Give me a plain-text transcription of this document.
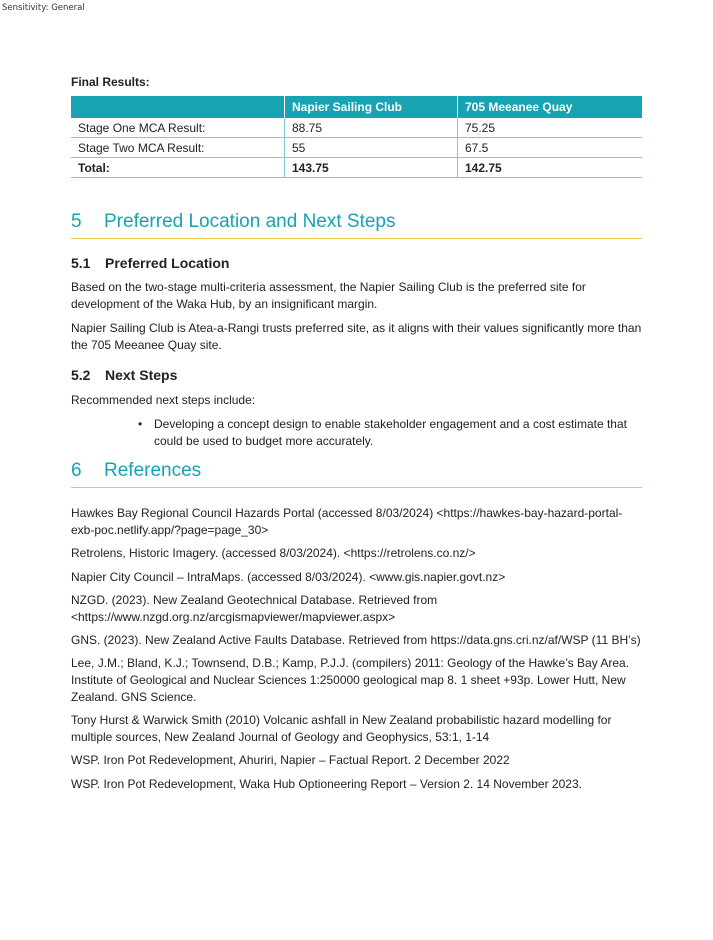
Sensitivity: General
Final Results:
	Napier Sailing Club	705 Meeanee Quay
Stage One MCA Result:	88.75	75.25
Stage Two MCA Result:	55	67.5
Total:	143.75	142.75
5 Preferred Location and Next Steps
5.1 Preferred Location
Based on the two-stage multi-criteria assessment, the Napier Sailing Club is the preferred site for development of the Waka Hub, by an insignificant margin.
Napier Sailing Club is Atea-a-Rangi trusts preferred site, as it aligns with their values significantly more than the 705 Meeanee Quay site.
5.2 Next Steps
Recommended next steps include:
• Developing a concept design to enable stakeholder engagement and a cost estimate that could be used to budget more accurately.
6 References
Hawkes Bay Regional Council Hazards Portal (accessed 8/03/2024) <https://hawkes-bay-hazard-portal-exb-poc.netlify.app/?page=page_30>
Retrolens, Historic Imagery. (accessed 8/03/2024). <https://retrolens.co.nz/>
Napier City Council – IntraMaps. (accessed 8/03/2024). <www.gis.napier.govt.nz>
NZGD. (2023). New Zealand Geotechnical Database. Retrieved from <https://www.nzgd.org.nz/arcgismapviewer/mapviewer.aspx>
GNS. (2023). New Zealand Active Faults Database. Retrieved from https://data.gns.cri.nz/af/WSP (11 BH’s)
Lee, J.M.; Bland, K.J.; Townsend, D.B.; Kamp, P.J.J. (compilers) 2011: Geology of the Hawke’s Bay Area. Institute of Geological and Nuclear Sciences 1:250000 geological map 8. 1 sheet +93p. Lower Hutt, New Zealand. GNS Science.
Tony Hurst & Warwick Smith (2010) Volcanic ashfall in New Zealand probabilistic hazard modelling for multiple sources, New Zealand Journal of Geology and Geophysics, 53:1, 1-14
WSP. Iron Pot Redevelopment, Ahuriri, Napier – Factual Report. 2 December 2022
WSP. Iron Pot Redevelopment, Waka Hub Optioneering Report – Version 2. 14 November 2023.
